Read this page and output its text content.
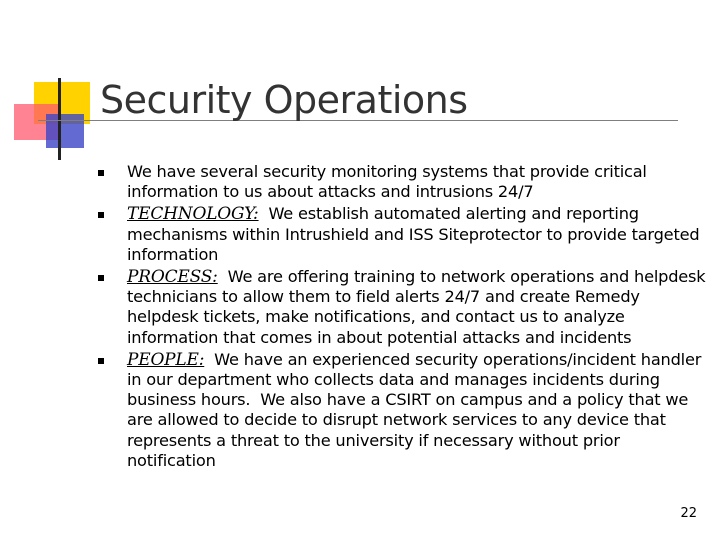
Security Operations
We have several security monitoring systems that provide critical information to us about attacks and intrusions 24/7
TECHNOLOGY:  We establish automated alerting and reporting mechanisms within Intrushield and ISS Siteprotector to provide targeted information
PROCESS:  We are offering training to network operations and helpdesk technicians to allow them to field alerts 24/7 and create Remedy helpdesk tickets, make notifications, and contact us to analyze information that comes in about potential attacks and incidents
PEOPLE:  We have an experienced security operations/incident handler in our department who collects data and manages incidents during business hours.  We also have a CSIRT on campus and a policy that we are allowed to decide to disrupt network services to any device that represents a threat to the university if necessary without prior notification
22
